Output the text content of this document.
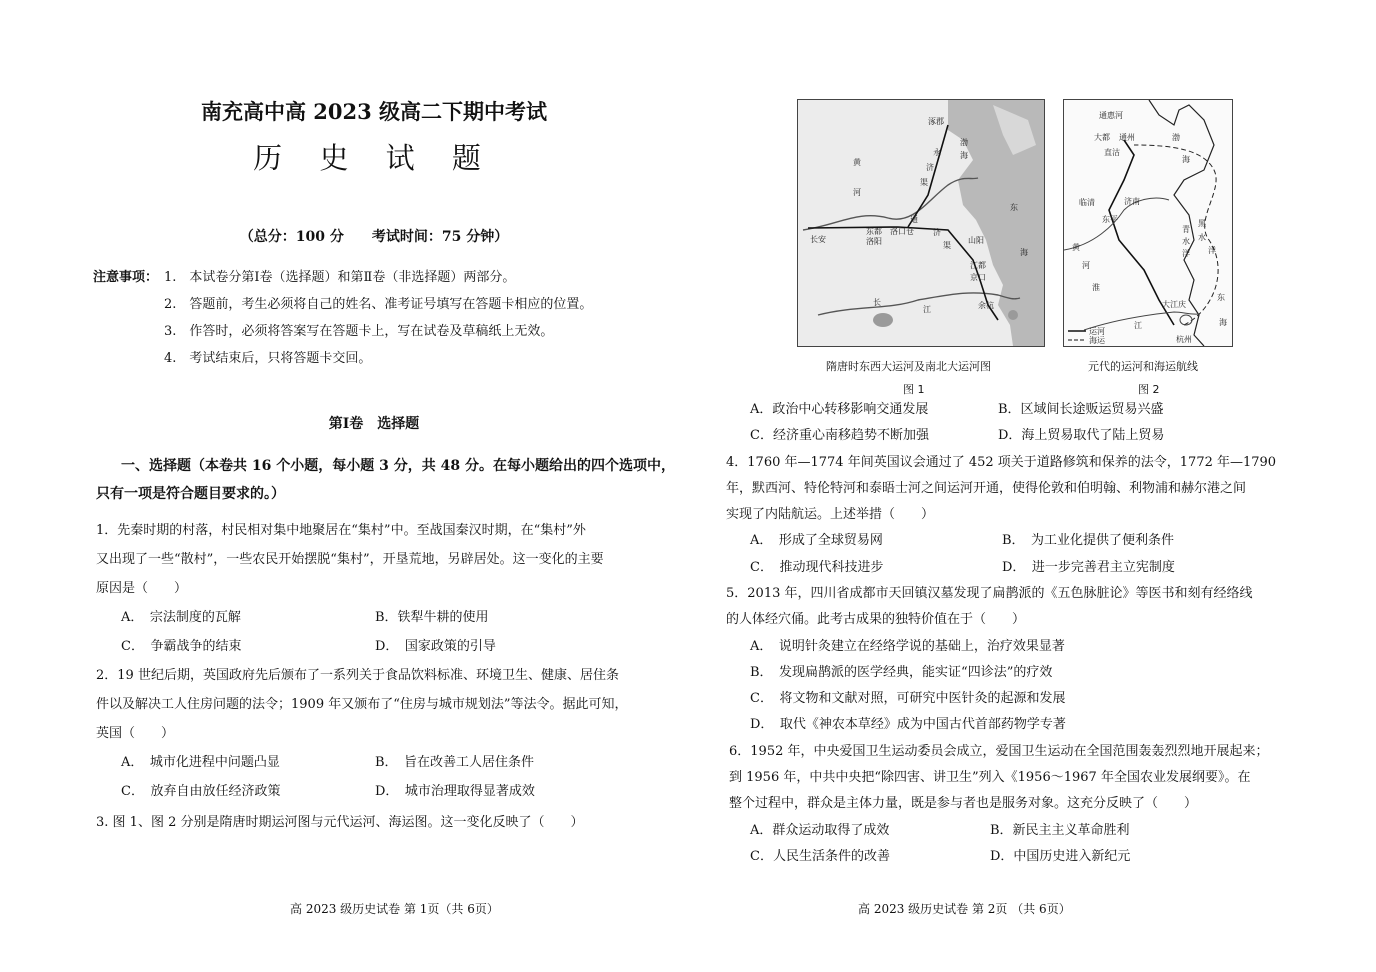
南充高中高 2023 级高二下期中考试
历 史 试 题
（总分：100 分　　考试时间：75 分钟）
注意事项： 1.　本试卷分第Ⅰ卷（选择题）和第Ⅱ卷（非选择题）两部分。
2.　答题前，考生必须将自己的姓名、准考证号填写在答题卡相应的位置。
3.　作答时，必须将答案写在答题卡上，写在试卷及草稿纸上无效。
4.　考试结束后，只将答题卡交回。
第Ⅰ卷　选择题
一、选择题（本卷共 16 个小题，每小题 3 分，共 48 分。在每小题给出的四个选项中，
只有一项是符合题目要求的。）
1．先秦时期的村落，村民相对集中地聚居在“集村”中。至战国秦汉时期，在“集村”外
又出现了一些“散村”，一些农民开始摆脱“集村”，开垦荒地，另辟居处。这一变化的主要
原因是（　　）
A．　宗法制度的瓦解	B．铁犁牛耕的使用
C．　争霸战争的结束	D．　国家政策的引导
2．19 世纪后期，英国政府先后颁布了一系列关于食品饮料标准、环境卫生、健康、居住条
件以及解决工人住房问题的法令；1909 年又颁布了“住房与城市规划法”等法令。据此可知，
英国（　　）
A．　城市化进程中问题凸显	B．　旨在改善工人居住条件
C．　放弃自由放任经济政策	D．　城市治理取得显著成效
3. 图 1、图 2 分别是隋唐时期运河图与元代运河、海运图。这一变化反映了（　　）
高 2023 级历史试卷 第 1页（共 6页）
涿郡
渤
海
永
济
渠
黄
河
通
济
渠
长安
东都
洛阳
洛口仓
山阳
江都
京口
余杭
东
海
长
江
隋唐时东西大运河及南北大运河图
图 1
通惠河
大都 通州
直沽
渤
海
济南
临清
东平
青
水
洋
黑
水
洋
黄
河
淮
大江庆
江
杭州
东
海
运河
海运
元代的运河和海运航线
图 2
A．政治中心转移影响交通发展	B．区域间长途贩运贸易兴盛
C．经济重心南移趋势不断加强	D．海上贸易取代了陆上贸易
4．1760 年—1774 年间英国议会通过了 452 项关于道路修筑和保养的法令，1772 年—1790
年，默西河、特伦特河和泰晤士河之间运河开通，使得伦敦和伯明翰、利物浦和赫尔港之间
实现了内陆航运。上述举措（　　）
A．　形成了全球贸易网	B．　为工业化提供了便利条件
C．　推动现代科技进步	D．　进一步完善君主立宪制度
5．2013 年，四川省成都市天回镇汉墓发现了扁鹊派的《五色脉脏论》等医书和刻有经络线
的人体经穴俑。此考古成果的独特价值在于（　　）
A．　说明针灸建立在经络学说的基础上，治疗效果显著
B．　发现扁鹊派的医学经典，能实证“四诊法”的疗效
C．　将文物和文献对照，可研究中医针灸的起源和发展
D．　取代《神农本草经》成为中国古代首部药物学专著
6．1952 年，中央爱国卫生运动委员会成立，爱国卫生运动在全国范围轰轰烈烈地开展起来；
到 1956 年，中共中央把“除四害、讲卫生”列入《1956～1967 年全国农业发展纲要》。在
整个过程中，群众是主体力量，既是参与者也是服务对象。这充分反映了（　　）
A．群众运动取得了成效	B．新民主主义革命胜利
C．人民生活条件的改善	D．中国历史进入新纪元
高 2023 级历史试卷 第 2页 （共 6页）
